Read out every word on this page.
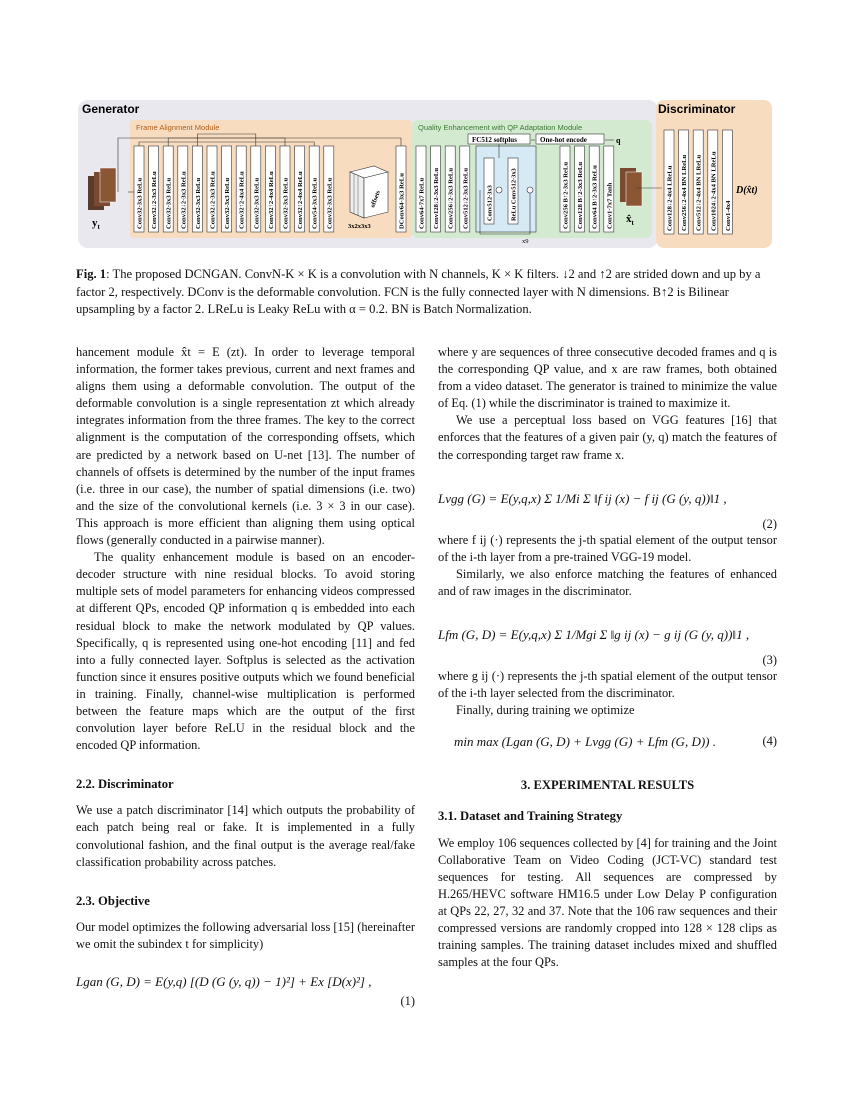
Generator	Discriminator
Frame Alignment Module	Quality Enhancement with QP Adaptation Module
$y_t$
$x̂_t$
offsets
3x2x3x3
FC512 softplus	One-hot encode	q
Conv512-3x3	ReLu Conv512-3x3
x9
Conv32-3x3 ReLu Conv32↓2-3x3 ReLu Conv32-3x3 ReLu Conv32↓2-3x3 ReLu Conv32-3x3 ReLu Conv32↓2-3x3 ReLu Conv32-3x3 ReLu Conv32↑2-4x4 ReLu Conv32-3x3 ReLu Conv32↑2-4x4 ReLu Conv32-3x3 ReLu Conv32↑2-4x4 ReLu Conv54-3x3 ReLu Conv32-3x3 ReLu	DConv64-3x3 ReLu Conv64-7x7 ReLu Conv128↓2-3x3 ReLu Conv256↓2-3x3 ReLu Conv512↓2-3x3 ReLu	Conv256 B↑2-3x3 ReLu Conv128 B↑2-3x3 ReLu Conv64 B↑2-3x3 ReLu Conv1-7x7 Tanh	Conv128↓2-4x4 LReLu Conv256↓2-4x4 BN LReLu Conv512↓2-4x4 BN LReLu Conv1024↓2-4x4 BN LReLu Conv1-4x4
D(x̂t)
Fig. 1: The proposed DCNGAN. ConvN-K × K is a convolution with N channels, K × K filters. ↓2 and ↑2 are strided down and up by a factor 2, respectively. DConv is the deformable convolution. FCN is the fully connected layer with N dimensions. B↑2 is Bilinear upsampling by a factor 2. LReLu is Leaky ReLu with α = 0.2. BN is Batch Normalization.

hancement module x̂t = E (zt). In order to leverage temporal information, the former takes previous, current and next frames and aligns them using a deformable convolution. The output of the deformable convolution is a single representation zt which already integrates information from the three frames. The key to the correct alignment is the computation of the corresponding offsets, which are predicted by a network based on U-net [13]. The number of channels of offsets is determined by the number of the input frames (i.e. three in our case), the number of spatial dimensions (i.e. two) and the size of the convolutional kernels (i.e. 3 × 3 in our case). This approach is more efficient than aligning them using optical flows (generally conducted in a pairwise manner).

The quality enhancement module is based on an encoder-decoder structure with nine residual blocks. To avoid storing multiple sets of model parameters for enhancing videos compressed at different QPs, encoded QP information q is embedded into each residual block to make the network modulated by QP values. Specifically, q is represented using one-hot encoding [11] and fed into a fully connected layer. Softplus is selected as the activation function since it ensures positive outputs which we found beneficial in training. Finally, channel-wise multiplication is performed between the feature maps which are the output of the first convolution layer before ReLU in the residual block and the encoded QP information.

2.2. Discriminator

We use a patch discriminator [14] which outputs the probability of each patch being real or fake. It is implemented in a fully convolutional fashion, and the final output is the average real/fake classification probability across patches.

2.3. Objective

Our model optimizes the following adversarial loss [15] (hereinafter we omit the subindex t for simplicity)

Lgan (G, D) = E(y,q) [(D (G (y, q)) − 1)²] + Ex [D(x)²] ,
(1)

where y are sequences of three consecutive decoded frames and q is the corresponding QP value, and x are raw frames, both obtained from a video dataset. The generator is trained to minimize the value of Eq. (1) while the discriminator is trained to maximize it.

We use a perceptual loss based on VGG features [16] that enforces that the features of a given pair (y, q) match the features of the corresponding target raw frame x.

Lvgg (G) = E(y,q,x) Σ 1/Mi Σ ‖f ij (x) − f ij (G (y, q))‖1 ,
(2)

where f ij (·) represents the j-th spatial element of the output tensor of the i-th layer from a pre-trained VGG-19 model.

Similarly, we also enforce matching the features of enhanced and of raw images in the discriminator.

Lfm (G, D) = E(y,q,x) Σ 1/Mgi Σ ‖g ij (x) − g ij (G (y, q))‖1 ,
(3)

where g ij (·) represents the j-th spatial element of the output tensor of the i-th layer selected from the discriminator.

Finally, during training we optimize

min max (Lgan (G, D) + Lvgg (G) + Lfm (G, D)) .	(4)

3. EXPERIMENTAL RESULTS

3.1. Dataset and Training Strategy

We employ 106 sequences collected by [4] for training and the Joint Collaborative Team on Video Coding (JCT-VC) standard test sequences for testing. All sequences are compressed by H.265/HEVC software HM16.5 under Low Delay P configuration at QPs 22, 27, 32 and 37. Note that the 106 raw sequences and their compressed versions are randomly cropped into 128 × 128 clips as training samples. The training dataset includes mixed and shuffled samples at the four QPs.
